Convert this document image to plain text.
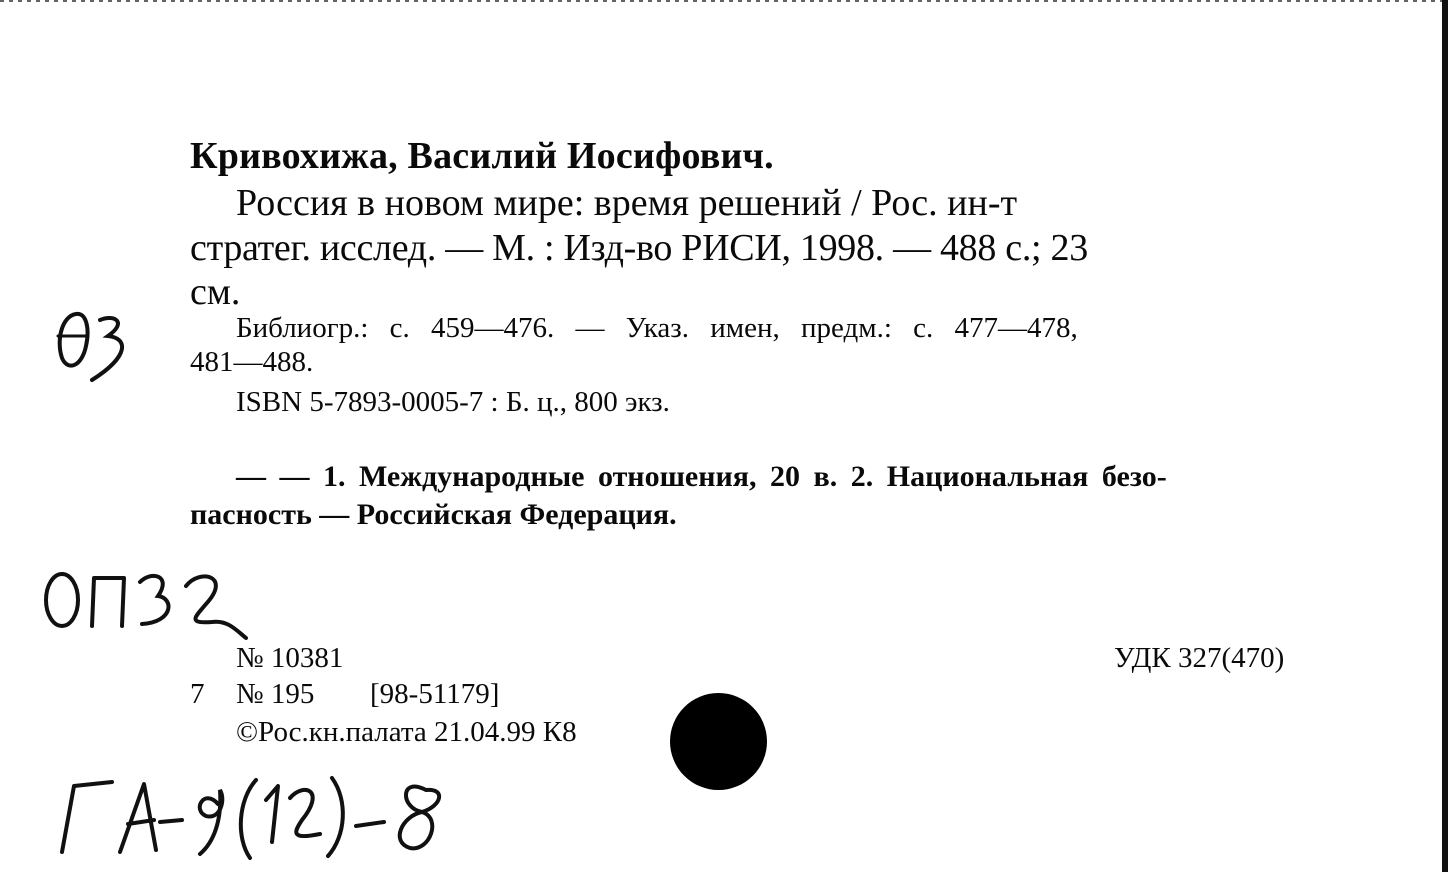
Кривохижа, Василий Иосифович.
Россия в новом мире: время решений / Рос. ин-т
стратег. исслед. — М. : Изд-во РИСИ, 1998. — 488 с.; 23
см.
Библиогр.: с. 459—476. — Указ. имен, предм.: с. 477—478,
481—488.
ISBN 5-7893-0005-7 : Б. ц., 800 экз.
— — 1. Международные отношения, 20 в. 2. Национальная безо-
пасность — Российская Федерация.
№ 10381	УДК 327(470)
7 № 195 [98-51179]
©Рос.кн.палата 21.04.99 К8
